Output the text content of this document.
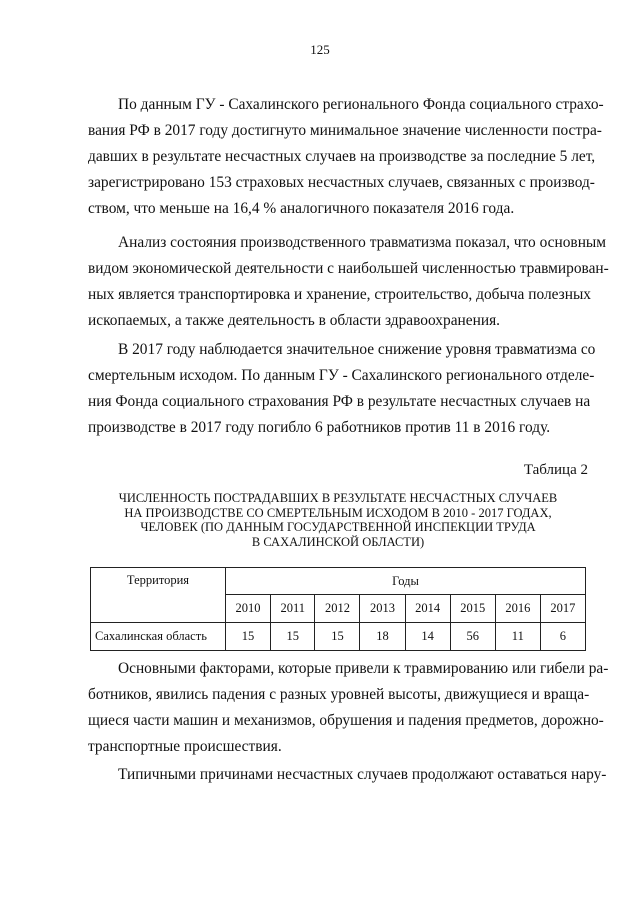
125
По данным ГУ - Сахалинского регионального Фонда социального страхо-
вания РФ в 2017 году достигнуто минимальное значение численности постра-
давших в результате несчастных случаев на производстве за последние 5 лет,
зарегистрировано 153 страховых несчастных случаев, связанных с производ-
ством, что меньше на 16,4 % аналогичного показателя 2016 года.
Анализ состояния производственного травматизма показал, что основным
видом экономической деятельности с наибольшей численностью травмирован-
ных является транспортировка и хранение, строительство, добыча полезных
ископаемых, а также деятельность в области здравоохранения.
В 2017 году наблюдается значительное снижение уровня травматизма со
смертельным исходом. По данным ГУ - Сахалинского регионального отделе-
ния Фонда социального страхования РФ в результате несчастных случаев на
производстве в 2017 году погибло 6 работников против 11 в 2016 году.
Таблица 2
ЧИСЛЕННОСТЬ ПОСТРАДАВШИХ В РЕЗУЛЬТАТЕ НЕСЧАСТНЫХ СЛУЧАЕВ
НА ПРОИЗВОДСТВЕ СО СМЕРТЕЛЬНЫМ ИСХОДОМ В 2010 - 2017 ГОДАХ,
ЧЕЛОВЕК (ПО ДАННЫМ ГОСУДАРСТВЕННОЙ ИНСПЕКЦИИ ТРУДА
В САХАЛИНСКОЙ ОБЛАСТИ)
Территория	Годы							
	2010	2011	2012	2013	2014	2015	2016	2017
Сахалинская область	15	15	15	18	14	56	11	6
Основными факторами, которые привели к травмированию или гибели ра-
ботников, явились падения с разных уровней высоты, движущиеся и враща-
щиеся части машин и механизмов, обрушения и падения предметов, дорожно-
транспортные происшествия.
Типичными причинами несчастных случаев продолжают оставаться нару-
